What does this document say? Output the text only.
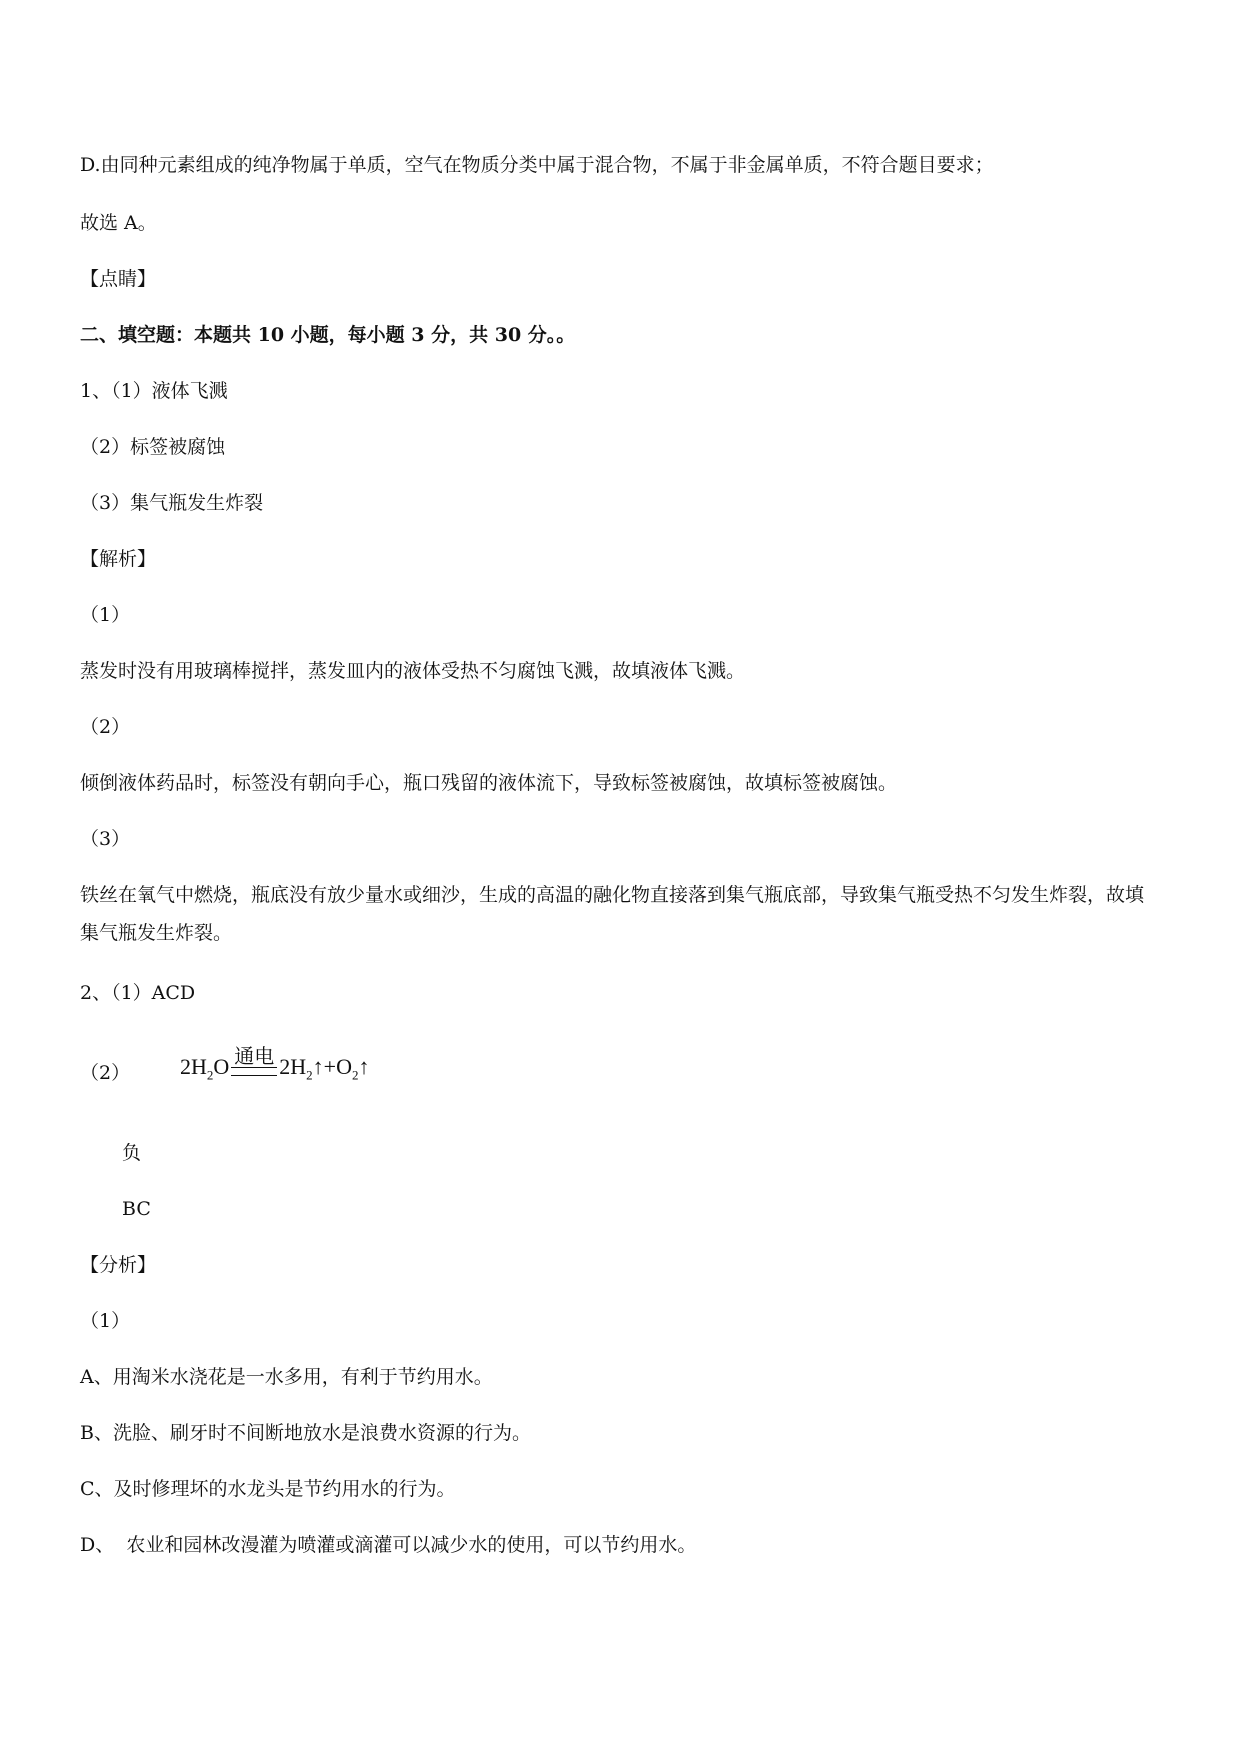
D.由同种元素组成的纯净物属于单质，空气在物质分类中属于混合物，不属于非金属单质，不符合题目要求；
故选 A。
【点睛】
二、填空题：本题共 10 小题，每小题 3 分，共 30 分。。
1、（1）液体飞溅
（2）标签被腐蚀
（3）集气瓶发生炸裂
【解析】
（1）
蒸发时没有用玻璃棒搅拌，蒸发皿内的液体受热不匀腐蚀飞溅，故填液体飞溅。
（2）
倾倒液体药品时，标签没有朝向手心，瓶口残留的液体流下，导致标签被腐蚀，故填标签被腐蚀。
（3）
铁丝在氧气中燃烧，瓶底没有放少量水或细沙，生成的高温的融化物直接落到集气瓶底部，导致集气瓶受热不匀发生炸裂，故填集气瓶发生炸裂。
2、（1）ACD
（2） $2H_2O$ 通电 $2H_2↑+O_2↑$
负
BC
【分析】
（1）
A、用淘米水浇花是一水多用，有利于节约用水。
B、洗脸、刷牙时不间断地放水是浪费水资源的行为。
C、及时修理坏的水龙头是节约用水的行为。
D、  农业和园林改漫灌为喷灌或滴灌可以减少水的使用，可以节约用水。
